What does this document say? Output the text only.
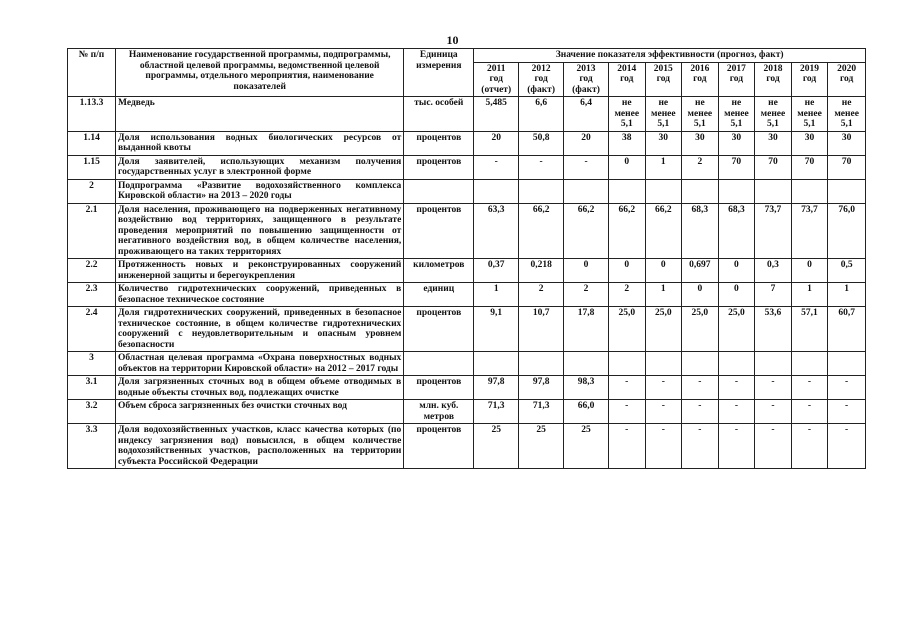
10
№ п/п	Наименование государственной программы, подпрограммы, областной целевой программы, ведомственной целевой программы, отдельного мероприятия, наименование показателей	Единица измерения	Значение показателя эффективности (прогноз, факт)									

			2011
год
(отчет)	2012
год
(факт)	2013
год
(факт)	2014
год	2015
год	2016
год	2017
год	2018
год	2019
год	2020
год

1.13.3	Медведь	тыс. особей	5,485	6,6	6,4	не
менее
5,1	не
менее
5,1	не
менее
5,1	не
менее
5,1	не
менее
5,1	не
менее
5,1	не
менее
5,1

1.14	Доля использования водных биологических ресурсов от выданной квоты	процентов	20	50,8	20	38	30	30	30	30	30	30
1.15	Доля заявителей, использующих механизм получения государственных услуг в электронной форме	процентов	-	-	-	0	1	2	70	70	70	70
2	Подпрограмма «Развитие водохозяйственного комплекса Кировской области» на 2013 – 2020 годы											
2.1	Доля населения, проживающего на подверженных негативному воздействию вод территориях, защищенного в результате проведения мероприятий по повышению защищенности от негативного воздействия вод, в общем количестве населения, проживающего на таких территориях	процентов	63,3	66,2	66,2	66,2	66,2	68,3	68,3	73,7	73,7	76,0
2.2	Протяженность новых и реконструированных сооружений инженерной защиты и берегоукрепления	километров	0,37	0,218	0	0	0	0,697	0	0,3	0	0,5
2.3	Количество гидротехнических сооружений, приведенных в безопасное техническое состояние	единиц	1	2	2	2	1	0	0	7	1	1
2.4	Доля гидротехнических сооружений, приведенных в безопасное техническое состояние, в общем количестве гидротехнических сооружений с неудовлетворительным и опасным уровнем безопасности	процентов	9,1	10,7	17,8	25,0	25,0	25,0	25,0	53,6	57,1	60,7
3	Областная целевая программа «Охрана поверхностных водных объектов на территории Кировской области» на 2012 – 2017 годы											
3.1	Доля загрязненных сточных вод в общем объеме отводимых в водные объекты сточных вод, подлежащих очистке	процентов	97,8	97,8	98,3	-	-	-	-	-	-	-
3.2	Объем сброса загрязненных без очистки сточных вод	млн. куб. метров	71,3	71,3	66,0	-	-	-	-	-	-	-
3.3	Доля водохозяйственных участков, класс качества которых (по индексу загрязнения вод) повысился, в общем количестве водохозяйственных участков, расположенных на территории субъекта Российской Федерации	процентов	25	25	25	-	-	-	-	-	-	-
